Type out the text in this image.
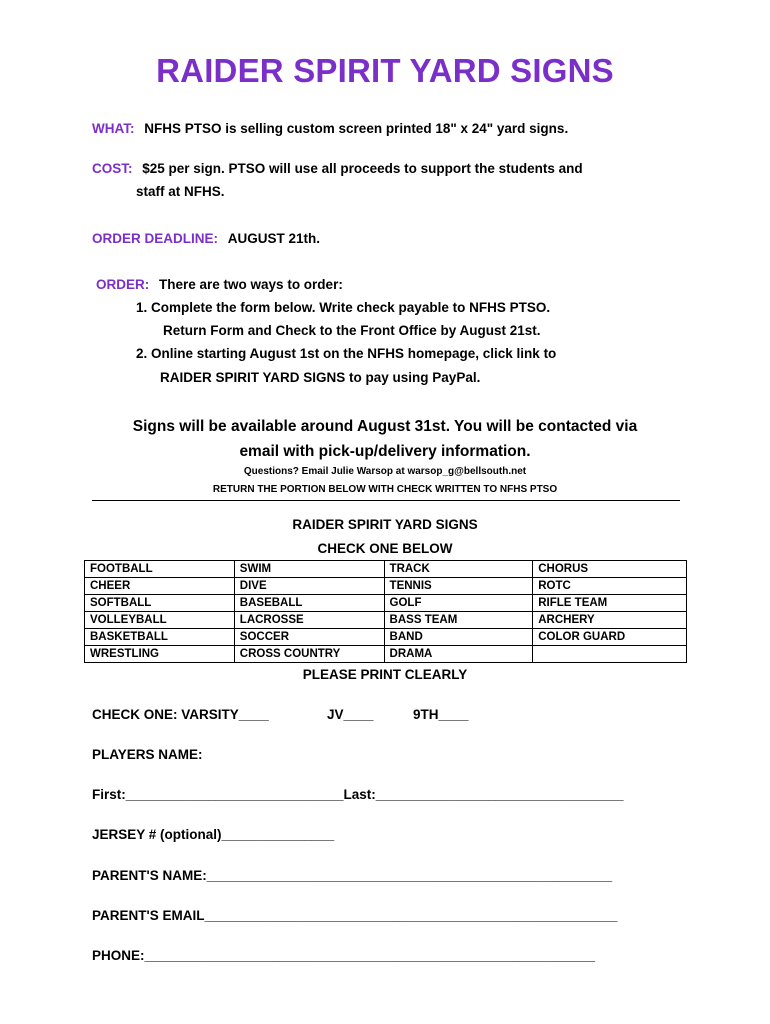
RAIDER SPIRIT YARD SIGNS
WHAT: NFHS PTSO is selling custom screen printed 18" x 24" yard signs.
COST: $25 per sign. PTSO will use all proceeds to support the students and
staff at NFHS.
ORDER DEADLINE: AUGUST 21th.
ORDER: There are two ways to order:
1. Complete the form below. Write check payable to NFHS PTSO.
Return Form and Check to the Front Office by August 21st.
2. Online starting August 1st on the NFHS homepage, click link to
RAIDER SPIRIT YARD SIGNS to pay using PayPal.
Signs will be available around August 31st. You will be contacted via
email with pick-up/delivery information.
Questions? Email Julie Warsop at warsop_g@bellsouth.net
RETURN THE PORTION BELOW WITH CHECK WRITTEN TO NFHS PTSO
RAIDER SPIRIT YARD SIGNS
CHECK ONE BELOW
FOOTBALL	SWIM	TRACK	CHORUS
CHEER	DIVE	TENNIS	ROTC
SOFTBALL	BASEBALL	GOLF	RIFLE TEAM
VOLLEYBALL	LACROSSE	BASS TEAM	ARCHERY
BASKETBALL	SOCCER	BAND	COLOR GUARD
WRESTLING	CROSS COUNTRY	DRAMA	
PLEASE PRINT CLEARLY
CHECK ONE: VARSITY____	JV____	9TH____
PLAYERS NAME:
First:_____________________________Last:_________________________________
JERSEY # (optional)_______________
PARENT'S NAME:______________________________________________________
PARENT'S EMAIL_______________________________________________________
PHONE:____________________________________________________________
